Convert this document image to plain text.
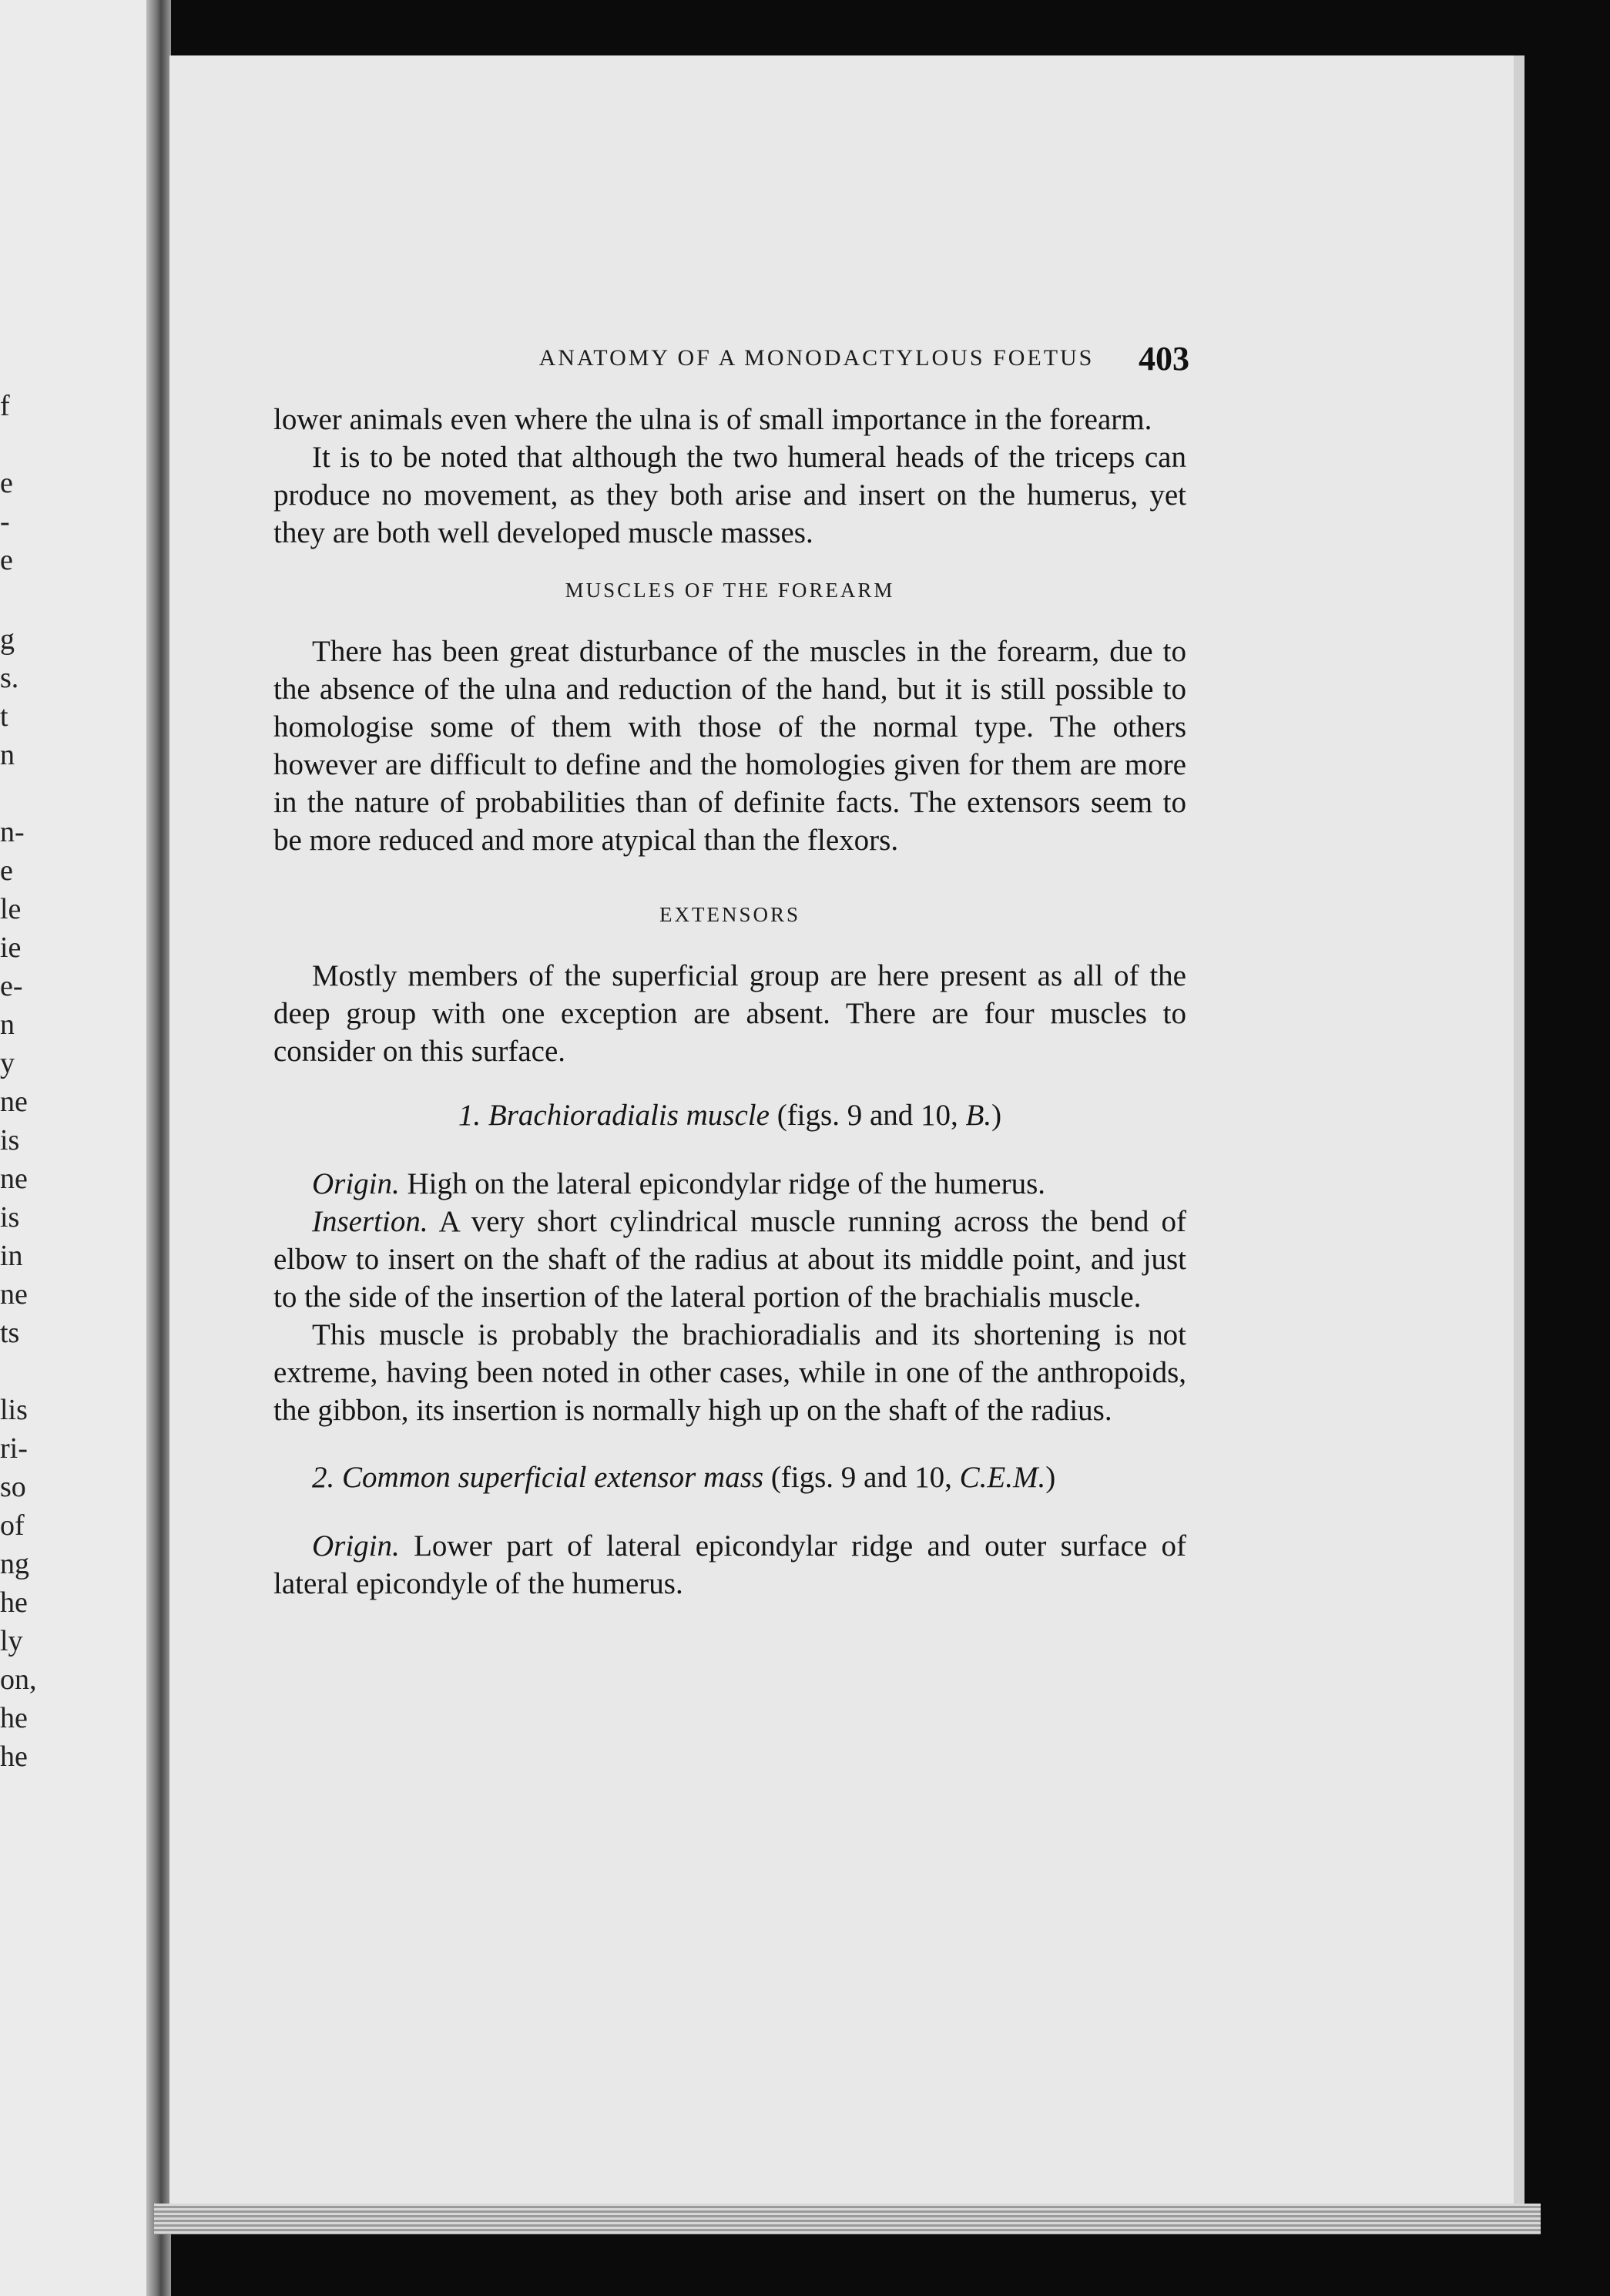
f
e
-
e
g
s.
t
n
n-
e
le
ie
e-
n
y
ne
is
ne
is
in
ne
ts
lis
ri-
so
of
ng
he
ly
on,
he
he
ANATOMY OF A MONODACTYLOUS FOETUS	403

lower animals even where the ulna is of small importance in the forearm.

It is to be noted that although the two humeral heads of the triceps can produce no movement, as they both arise and insert on the humerus, yet they are both well developed muscle masses.

MUSCLES OF THE FOREARM

There has been great disturbance of the muscles in the forearm, due to the absence of the ulna and reduction of the hand, but it is still possible to homologise some of them with those of the normal type. The others however are difficult to define and the homologies given for them are more in the nature of probabilities than of definite facts. The extensors seem to be more reduced and more atypical than the flexors.

EXTENSORS

Mostly members of the superficial group are here present as all of the deep group with one exception are absent. There are four muscles to consider on this surface.

1. Brachioradialis muscle (figs. 9 and 10, B.)

Origin. High on the lateral epicondylar ridge of the humerus.

Insertion. A very short cylindrical muscle running across the bend of elbow to insert on the shaft of the radius at about its middle point, and just to the side of the insertion of the lateral portion of the brachialis muscle.

This muscle is probably the brachioradialis and its shortening is not extreme, having been noted in other cases, while in one of the anthropoids, the gibbon, its insertion is normally high up on the shaft of the radius.

2. Common superficial extensor mass (figs. 9 and 10, C.E.M.)

Origin. Lower part of lateral epicondylar ridge and outer surface of lateral epicondyle of the humerus.
